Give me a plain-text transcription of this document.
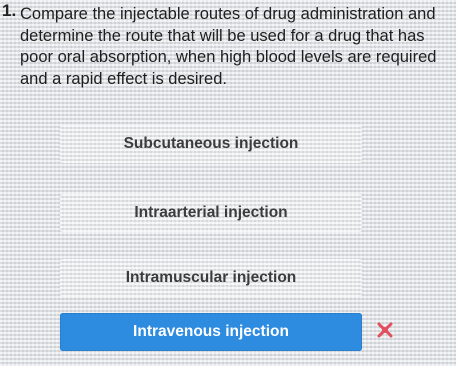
1. Compare the injectable routes of drug administration and determine the route that will be used for a drug that has poor oral absorption, when high blood levels are required and a rapid effect is desired.
Subcutaneous injection
Intraarterial injection
Intramuscular injection
Intravenous injection
